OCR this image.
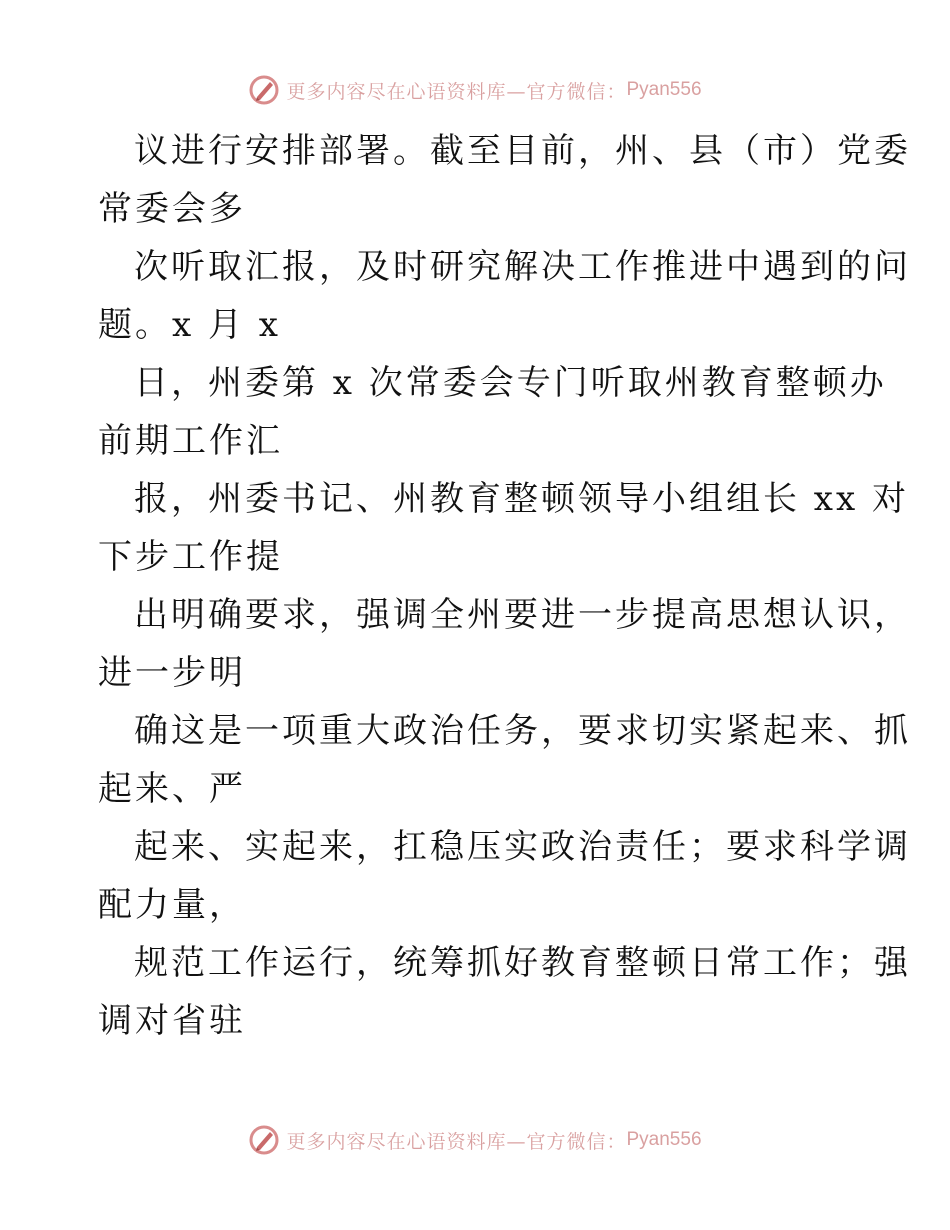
更多内容尽在心语资料库—官方微信： Pyan556
议进行安排部署。截至目前，州、县（市）党委
常委会多
次听取汇报，及时研究解决工作推进中遇到的问
题。x 月 x
日，州委第 x 次常委会专门听取州教育整顿办
前期工作汇
报，州委书记、州教育整顿领导小组组长 xx 对
下步工作提
出明确要求，强调全州要进一步提高思想认识，
进一步明
确这是一项重大政治任务，要求切实紧起来、抓
起来、严
起来、实起来，扛稳压实政治责任；要求科学调
配力量，
规范工作运行，统筹抓好教育整顿日常工作；强
调对省驻
更多内容尽在心语资料库—官方微信： Pyan556
